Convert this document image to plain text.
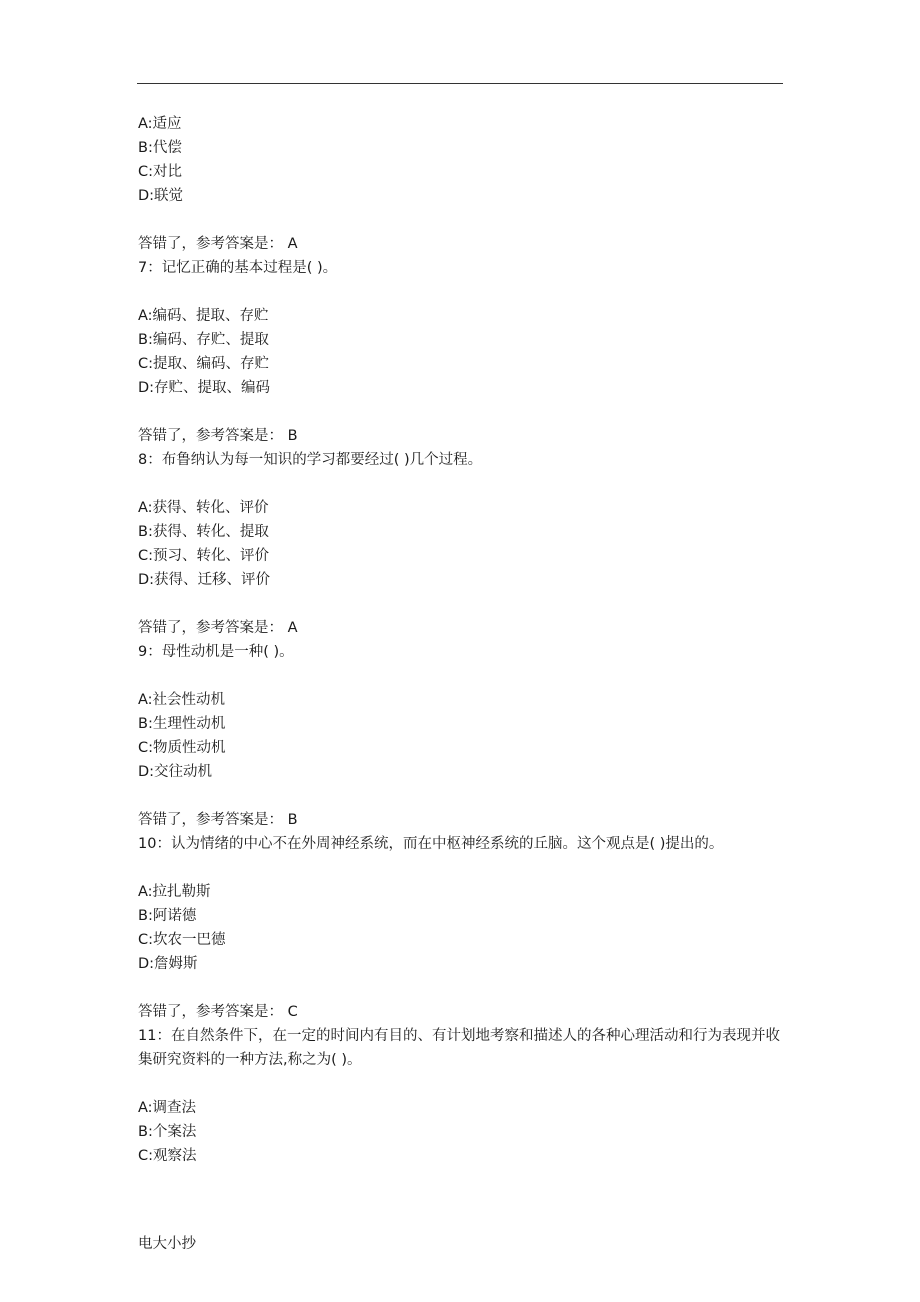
A:适应
B:代偿
C:对比
D:联觉
答错了，参考答案是： A
7：记忆正确的基本过程是( )。
A:编码、提取、存贮
B:编码、存贮、提取
C:提取、编码、存贮
D:存贮、提取、编码
答错了，参考答案是： B
8：布鲁纳认为每一知识的学习都要经过( )几个过程。
A:获得、转化、评价
B:获得、转化、提取
C:预习、转化、评价
D:获得、迁移、评价
答错了，参考答案是： A
9：母性动机是一种( )。
A:社会性动机
B:生理性动机
C:物质性动机
D:交往动机
答错了，参考答案是： B
10：认为情绪的中心不在外周神经系统，而在中枢神经系统的丘脑。这个观点是( )提出的。
A:拉扎勒斯
B:阿诺德
C:坎农一巴德
D:詹姆斯
答错了，参考答案是： C
11：在自然条件下，在一定的时间内有目的、有计划地考察和描述人的各种心理活动和行为表现并收集研究资料的一种方法,称之为( )。
A:调查法
B:个案法
C:观察法
电大小抄
